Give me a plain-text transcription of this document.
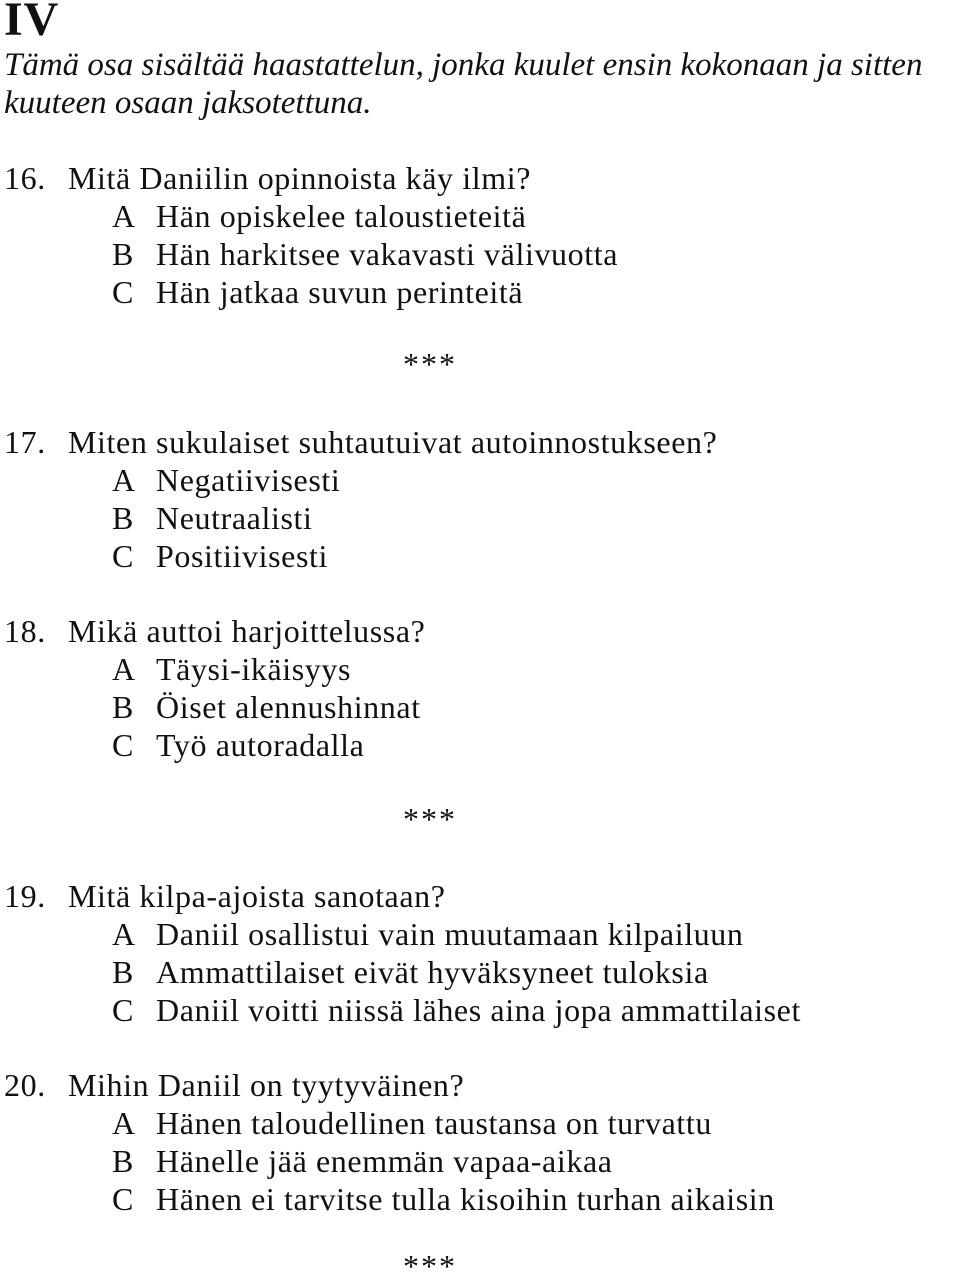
IV
Tämä osa sisältää haastattelun, jonka kuulet ensin kokonaan ja sitten kuuteen osaan jaksotettuna.
16. Mitä Daniilin opinnoista käy ilmi?
A Hän opiskelee taloustieteitä
B Hän harkitsee vakavasti välivuotta
C Hän jatkaa suvun perinteitä
***
17. Miten sukulaiset suhtautuivat autoinnostukseen?
A Negatiivisesti
B Neutraalisti
C Positiivisesti
18. Mikä auttoi harjoittelussa?
A Täysi-ikäisyys
B Öiset alennushinnat
C Työ autoradalla
***
19. Mitä kilpa-ajoista sanotaan?
A Daniil osallistui vain muutamaan kilpailuun
B Ammattilaiset eivät hyväksyneet tuloksia
C Daniil voitti niissä lähes aina jopa ammattilaiset
20. Mihin Daniil on tyytyväinen?
A Hänen taloudellinen taustansa on turvattu
B Hänelle jää enemmän vapaa-aikaa
C Hänen ei tarvitse tulla kisoihin turhan aikaisin
***
